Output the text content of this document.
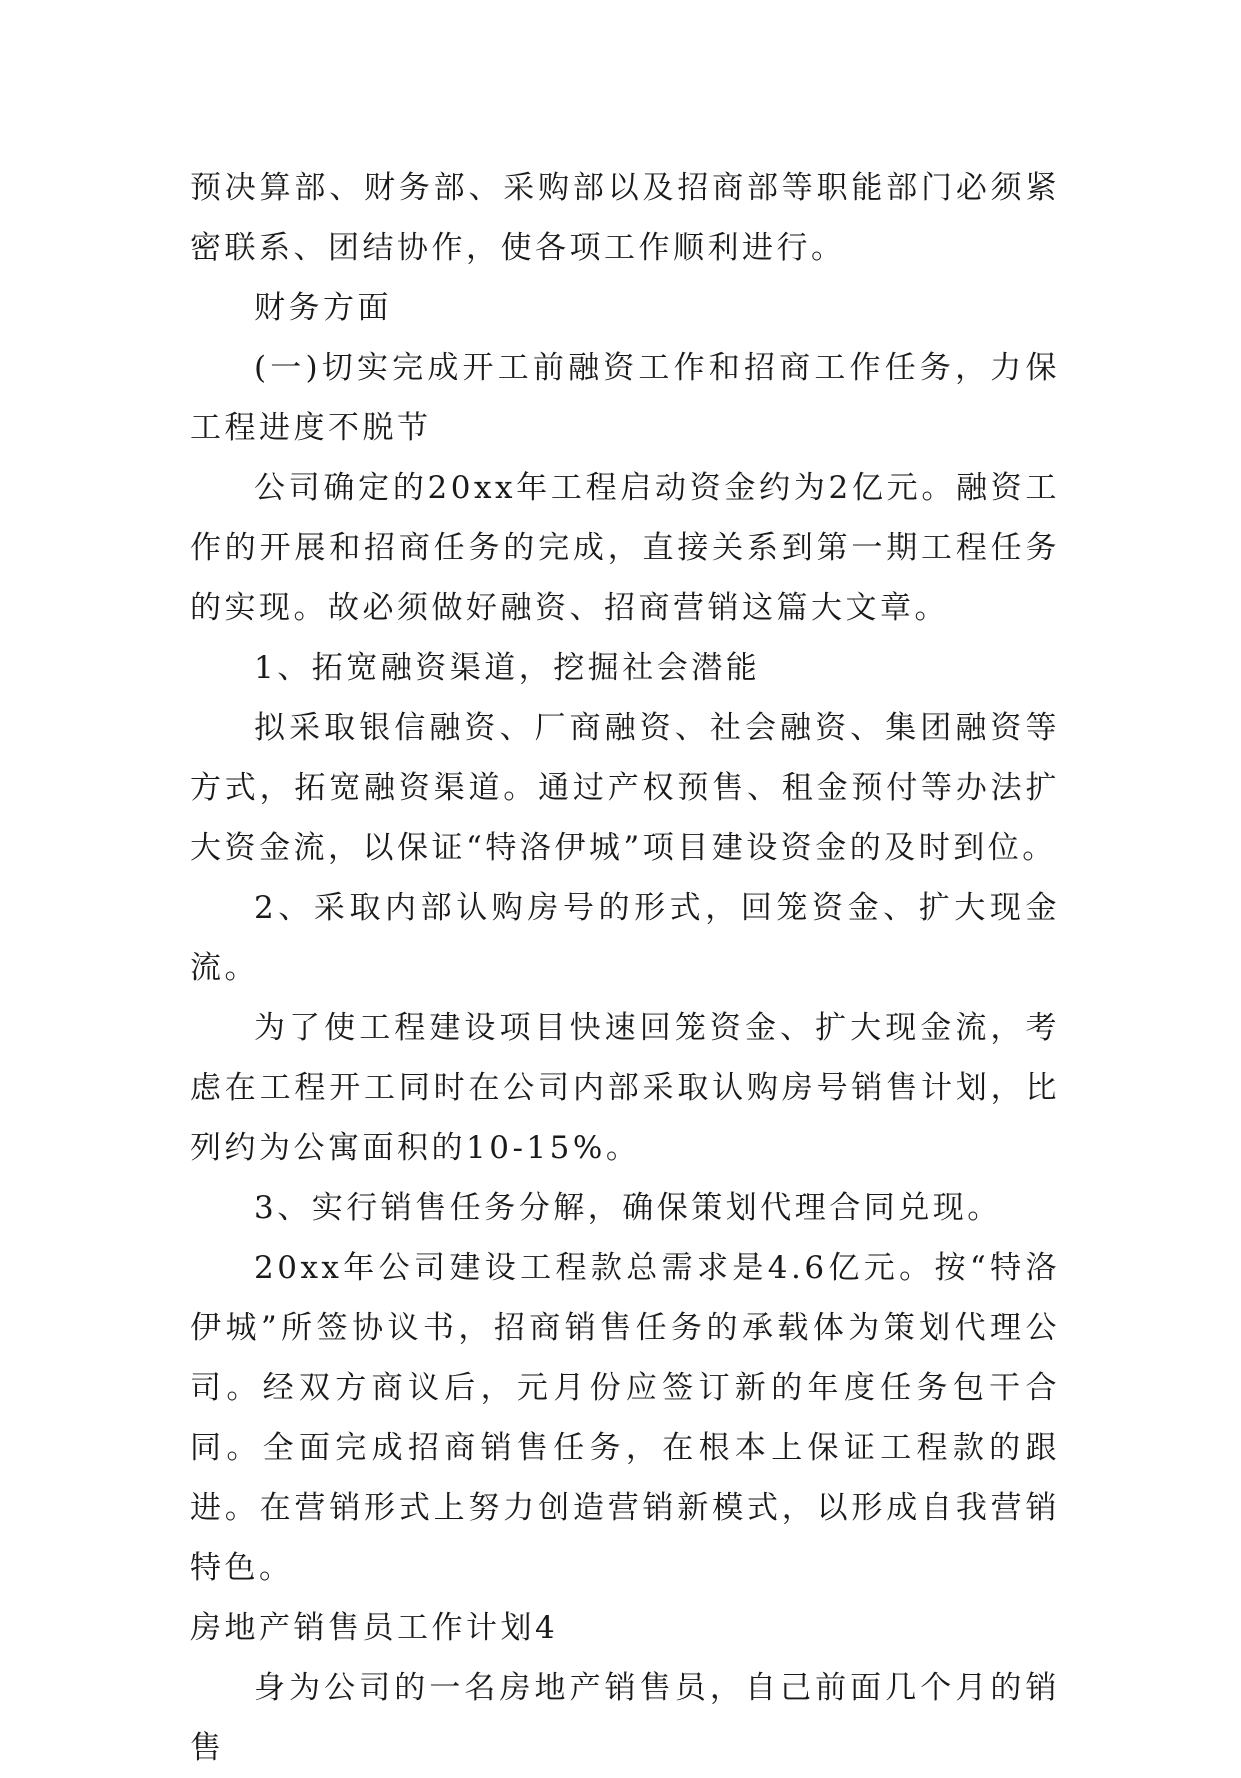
预决算部、财务部、采购部以及招商部等职能部门必须紧密联系、团结协作，使各项工作顺利进行。

财务方面

(一)切实完成开工前融资工作和招商工作任务，力保工程进度不脱节

公司确定的20xx年工程启动资金约为2亿元。融资工作的开展和招商任务的完成，直接关系到第一期工程任务的实现。故必须做好融资、招商营销这篇大文章。

1、拓宽融资渠道，挖掘社会潜能

拟采取银信融资、厂商融资、社会融资、集团融资等方式，拓宽融资渠道。通过产权预售、租金预付等办法扩大资金流，以保证“特洛伊城”项目建设资金的及时到位。

2、采取内部认购房号的形式，回笼资金、扩大现金流。

为了使工程建设项目快速回笼资金、扩大现金流，考虑在工程开工同时在公司内部采取认购房号销售计划，比列约为公寓面积的10-15%。

3、实行销售任务分解，确保策划代理合同兑现。

20xx年公司建设工程款总需求是4.6亿元。按“特洛伊城”所签协议书，招商销售任务的承载体为策划代理公司。经双方商议后，元月份应签订新的年度任务包干合同。全面完成招商销售任务，在根本上保证工程款的跟进。在营销形式上努力创造营销新模式，以形成自我营销特色。

房地产销售员工作计划4

身为公司的一名房地产销售员，自己前面几个月的销售
